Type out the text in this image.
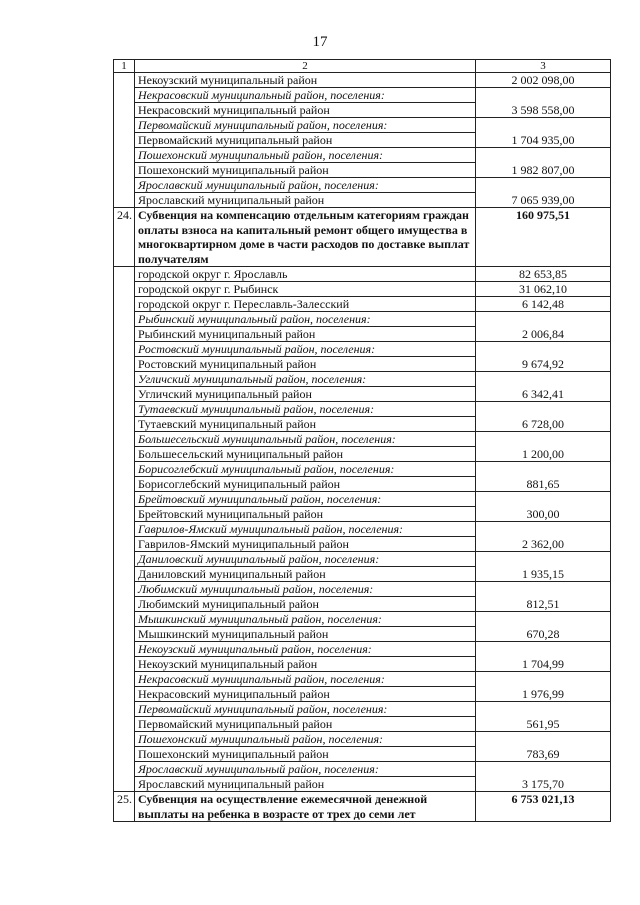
17
1	2	3
	Некоузский муниципальный район	2 002 098,00
	Некрасовский муниципальный район, поселения:	
	Некрасовский муниципальный район	3 598 558,00
	Первомайский муниципальный район, поселения:	
	Первомайский муниципальный район	1 704 935,00
	Пошехонский муниципальный район, поселения:	
	Пошехонский муниципальный район	1 982 807,00
	Ярославский муниципальный район, поселения:	
	Ярославский муниципальный район	7 065 939,00
24.	Субвенция на компенсацию отдельным категориям граждан оплаты взноса на капитальный ремонт общего имущества в многоквартирном доме в части расходов по доставке выплат получателям	160 975,51
	городской округ г. Ярославль	82 653,85
	городской округ г. Рыбинск	31 062,10
	городской округ г. Переславль-Залесский	6 142,48
	Рыбинский муниципальный район, поселения:	
	Рыбинский муниципальный район	2 006,84
	Ростовский муниципальный район, поселения:	
	Ростовский муниципальный район	9 674,92
	Угличский муниципальный район, поселения:	
	Угличский муниципальный район	6 342,41
	Тутаевский муниципальный район, поселения:	
	Тутаевский муниципальный район	6 728,00
	Большесельский муниципальный район, поселения:	
	Большесельский муниципальный район	1 200,00
	Борисоглебский муниципальный район, поселения:	
	Борисоглебский муниципальный район	881,65
	Брейтовский муниципальный район, поселения:	
	Брейтовский муниципальный район	300,00
	Гаврилов-Ямский муниципальный район, поселения:	
	Гаврилов-Ямский муниципальный район	2 362,00
	Даниловский муниципальный район, поселения:	
	Даниловский муниципальный район	1 935,15
	Любимский муниципальный район, поселения:	
	Любимский муниципальный район	812,51
	Мышкинский муниципальный район, поселения:	
	Мышкинский муниципальный район	670,28
	Некоузский муниципальный район, поселения:	
	Некоузский муниципальный район	1 704,99
	Некрасовский муниципальный район, поселения:	
	Некрасовский муниципальный район	1 976,99
	Первомайский муниципальный район, поселения:	
	Первомайский муниципальный район	561,95
	Пошехонский муниципальный район, поселения:	
	Пошехонский муниципальный район	783,69
	Ярославский муниципальный район, поселения:	
	Ярославский муниципальный район	3 175,70
25.	Субвенция на осуществление ежемесячной денежной выплаты на ребенка в возрасте от трех до семи лет	6 753 021,13
